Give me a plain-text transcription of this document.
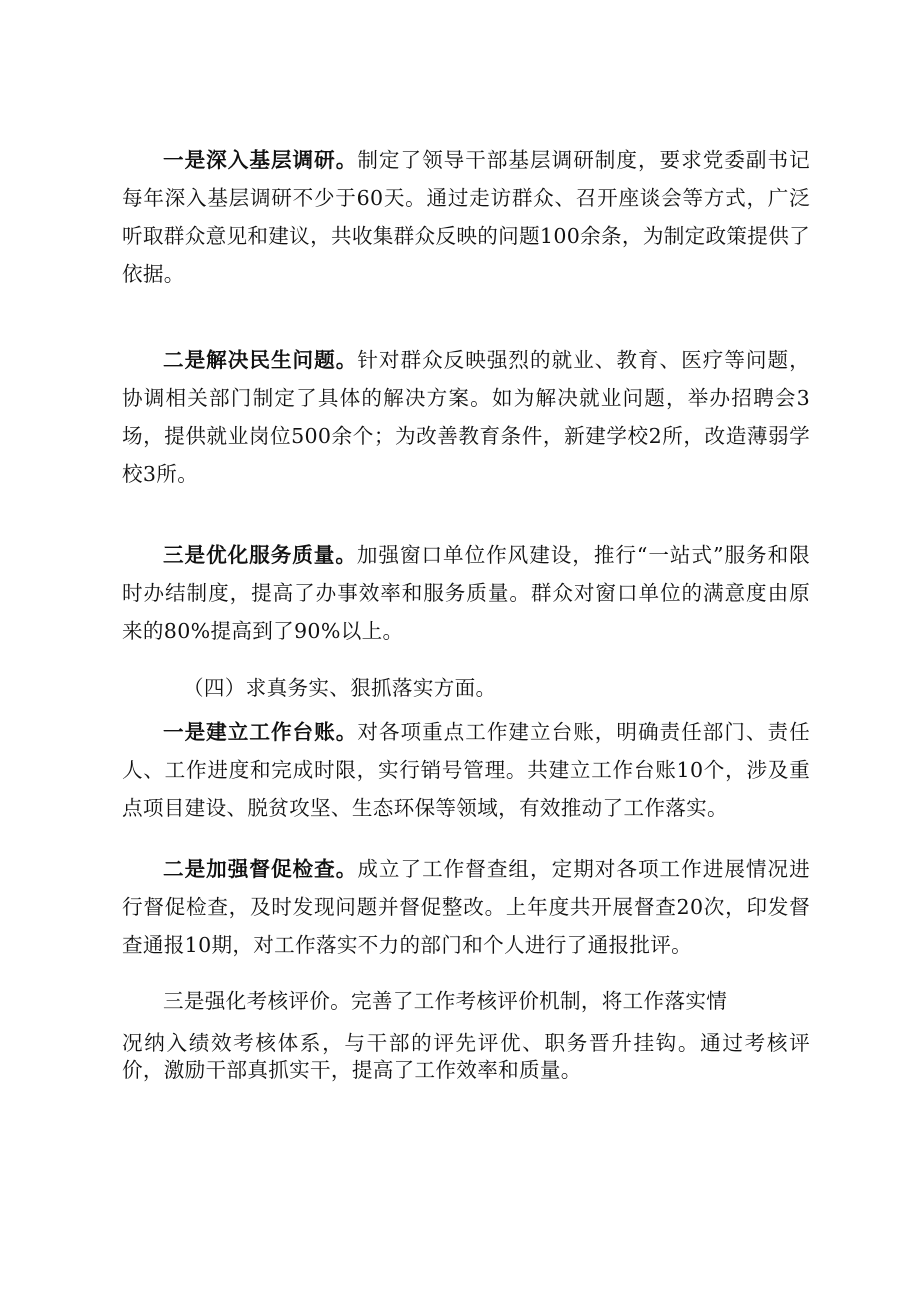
一是深入基层调研。制定了领导干部基层调研制度，要求党委副书记每年深入基层调研不少于60天。通过走访群众、召开座谈会等方式，广泛听取群众意见和建议，共收集群众反映的问题100余条，为制定政策提供了依据。

二是解决民生问题。针对群众反映强烈的就业、教育、医疗等问题，协调相关部门制定了具体的解决方案。如为解决就业问题，举办招聘会3场，提供就业岗位500余个；为改善教育条件，新建学校2所，改造薄弱学校3所。

三是优化服务质量。加强窗口单位作风建设，推行“一站式”服务和限时办结制度，提高了办事效率和服务质量。群众对窗口单位的满意度由原来的80%提高到了90%以上。

（四）求真务实、狠抓落实方面。

一是建立工作台账。对各项重点工作建立台账，明确责任部门、责任人、工作进度和完成时限，实行销号管理。共建立工作台账10个，涉及重点项目建设、脱贫攻坚、生态环保等领域，有效推动了工作落实。

二是加强督促检查。成立了工作督查组，定期对各项工作进展情况进行督促检查，及时发现问题并督促整改。上年度共开展督查20次，印发督查通报10期，对工作落实不力的部门和个人进行了通报批评。

三是强化考核评价。完善了工作考核评价机制，将工作落实情
况纳入绩效考核体系，与干部的评先评优、职务晋升挂钩。通过考核评价，激励干部真抓实干，提高了工作效率和质量。
